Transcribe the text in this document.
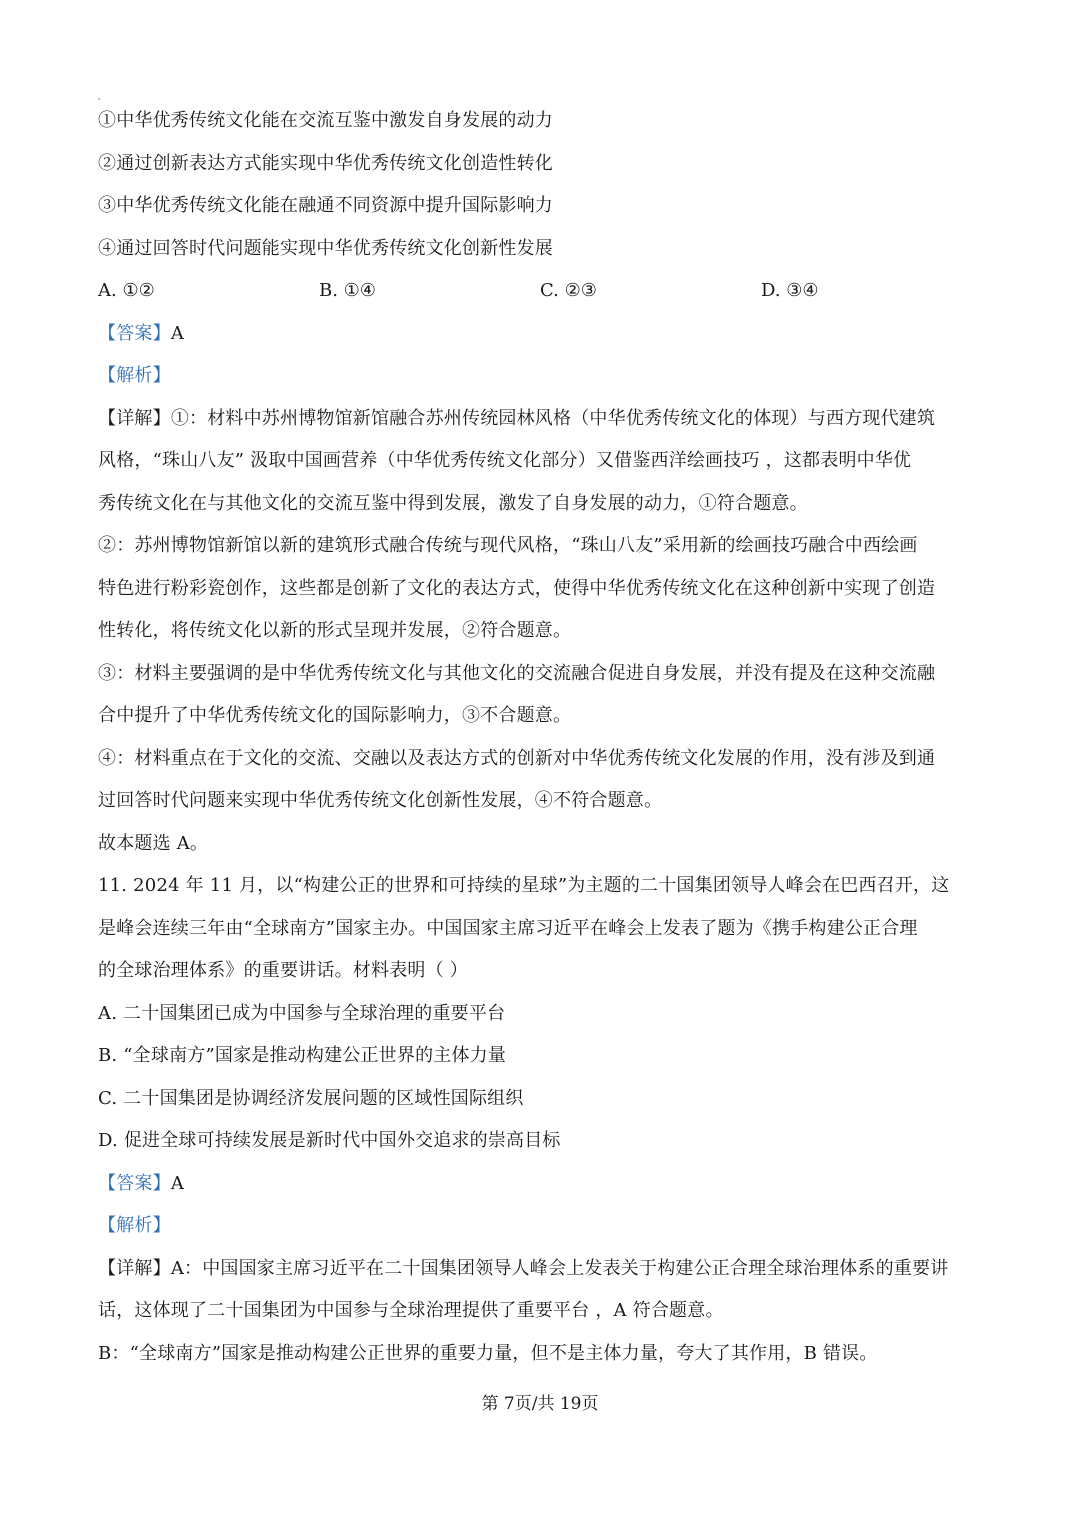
①中华优秀传统文化能在交流互鉴中激发自身发展的动力
②通过创新表达方式能实现中华优秀传统文化创造性转化
③中华优秀传统文化能在融通不同资源中提升国际影响力
④通过回答时代问题能实现中华优秀传统文化创新性发展
A. ①②	B. ①④	C. ②③	D. ③④
【答案】A
【解析】
【详解】①：材料中苏州博物馆新馆融合苏州传统园林风格（中华优秀传统文化的体现）与西方现代建筑
风格，“珠山八友” 汲取中国画营养（中华优秀传统文化部分）又借鉴西洋绘画技巧 ，这都表明中华优
秀传统文化在与其他文化的交流互鉴中得到发展，激发了自身发展的动力，①符合题意。
②：苏州博物馆新馆以新的建筑形式融合传统与现代风格，“珠山八友”采用新的绘画技巧融合中西绘画
特色进行粉彩瓷创作，这些都是创新了文化的表达方式，使得中华优秀传统文化在这种创新中实现了创造
性转化，将传统文化以新的形式呈现并发展，②符合题意。
③：材料主要强调的是中华优秀传统文化与其他文化的交流融合促进自身发展，并没有提及在这种交流融
合中提升了中华优秀传统文化的国际影响力，③不合题意。
④：材料重点在于文化的交流、交融以及表达方式的创新对中华优秀传统文化发展的作用，没有涉及到通
过回答时代问题来实现中华优秀传统文化创新性发展，④不符合题意。
故本题选 A。
11. 2024 年 11 月，以“构建公正的世界和可持续的星球”为主题的二十国集团领导人峰会在巴西召开，这
是峰会连续三年由“全球南方”国家主办。中国国家主席习近平在峰会上发表了题为《携手构建公正合理
的全球治理体系》的重要讲话。材料表明（ ）
A. 二十国集团已成为中国参与全球治理的重要平台
B. “全球南方”国家是推动构建公正世界的主体力量
C. 二十国集团是协调经济发展问题的区域性国际组织
D. 促进全球可持续发展是新时代中国外交追求的崇高目标
【答案】A
【解析】
【详解】A：中国国家主席习近平在二十国集团领导人峰会上发表关于构建公正合理全球治理体系的重要讲
话，这体现了二十国集团为中国参与全球治理提供了重要平台 ，A 符合题意。
B：“全球南方”国家是推动构建公正世界的重要力量，但不是主体力量，夸大了其作用，B 错误。
第 7页/共 19页
